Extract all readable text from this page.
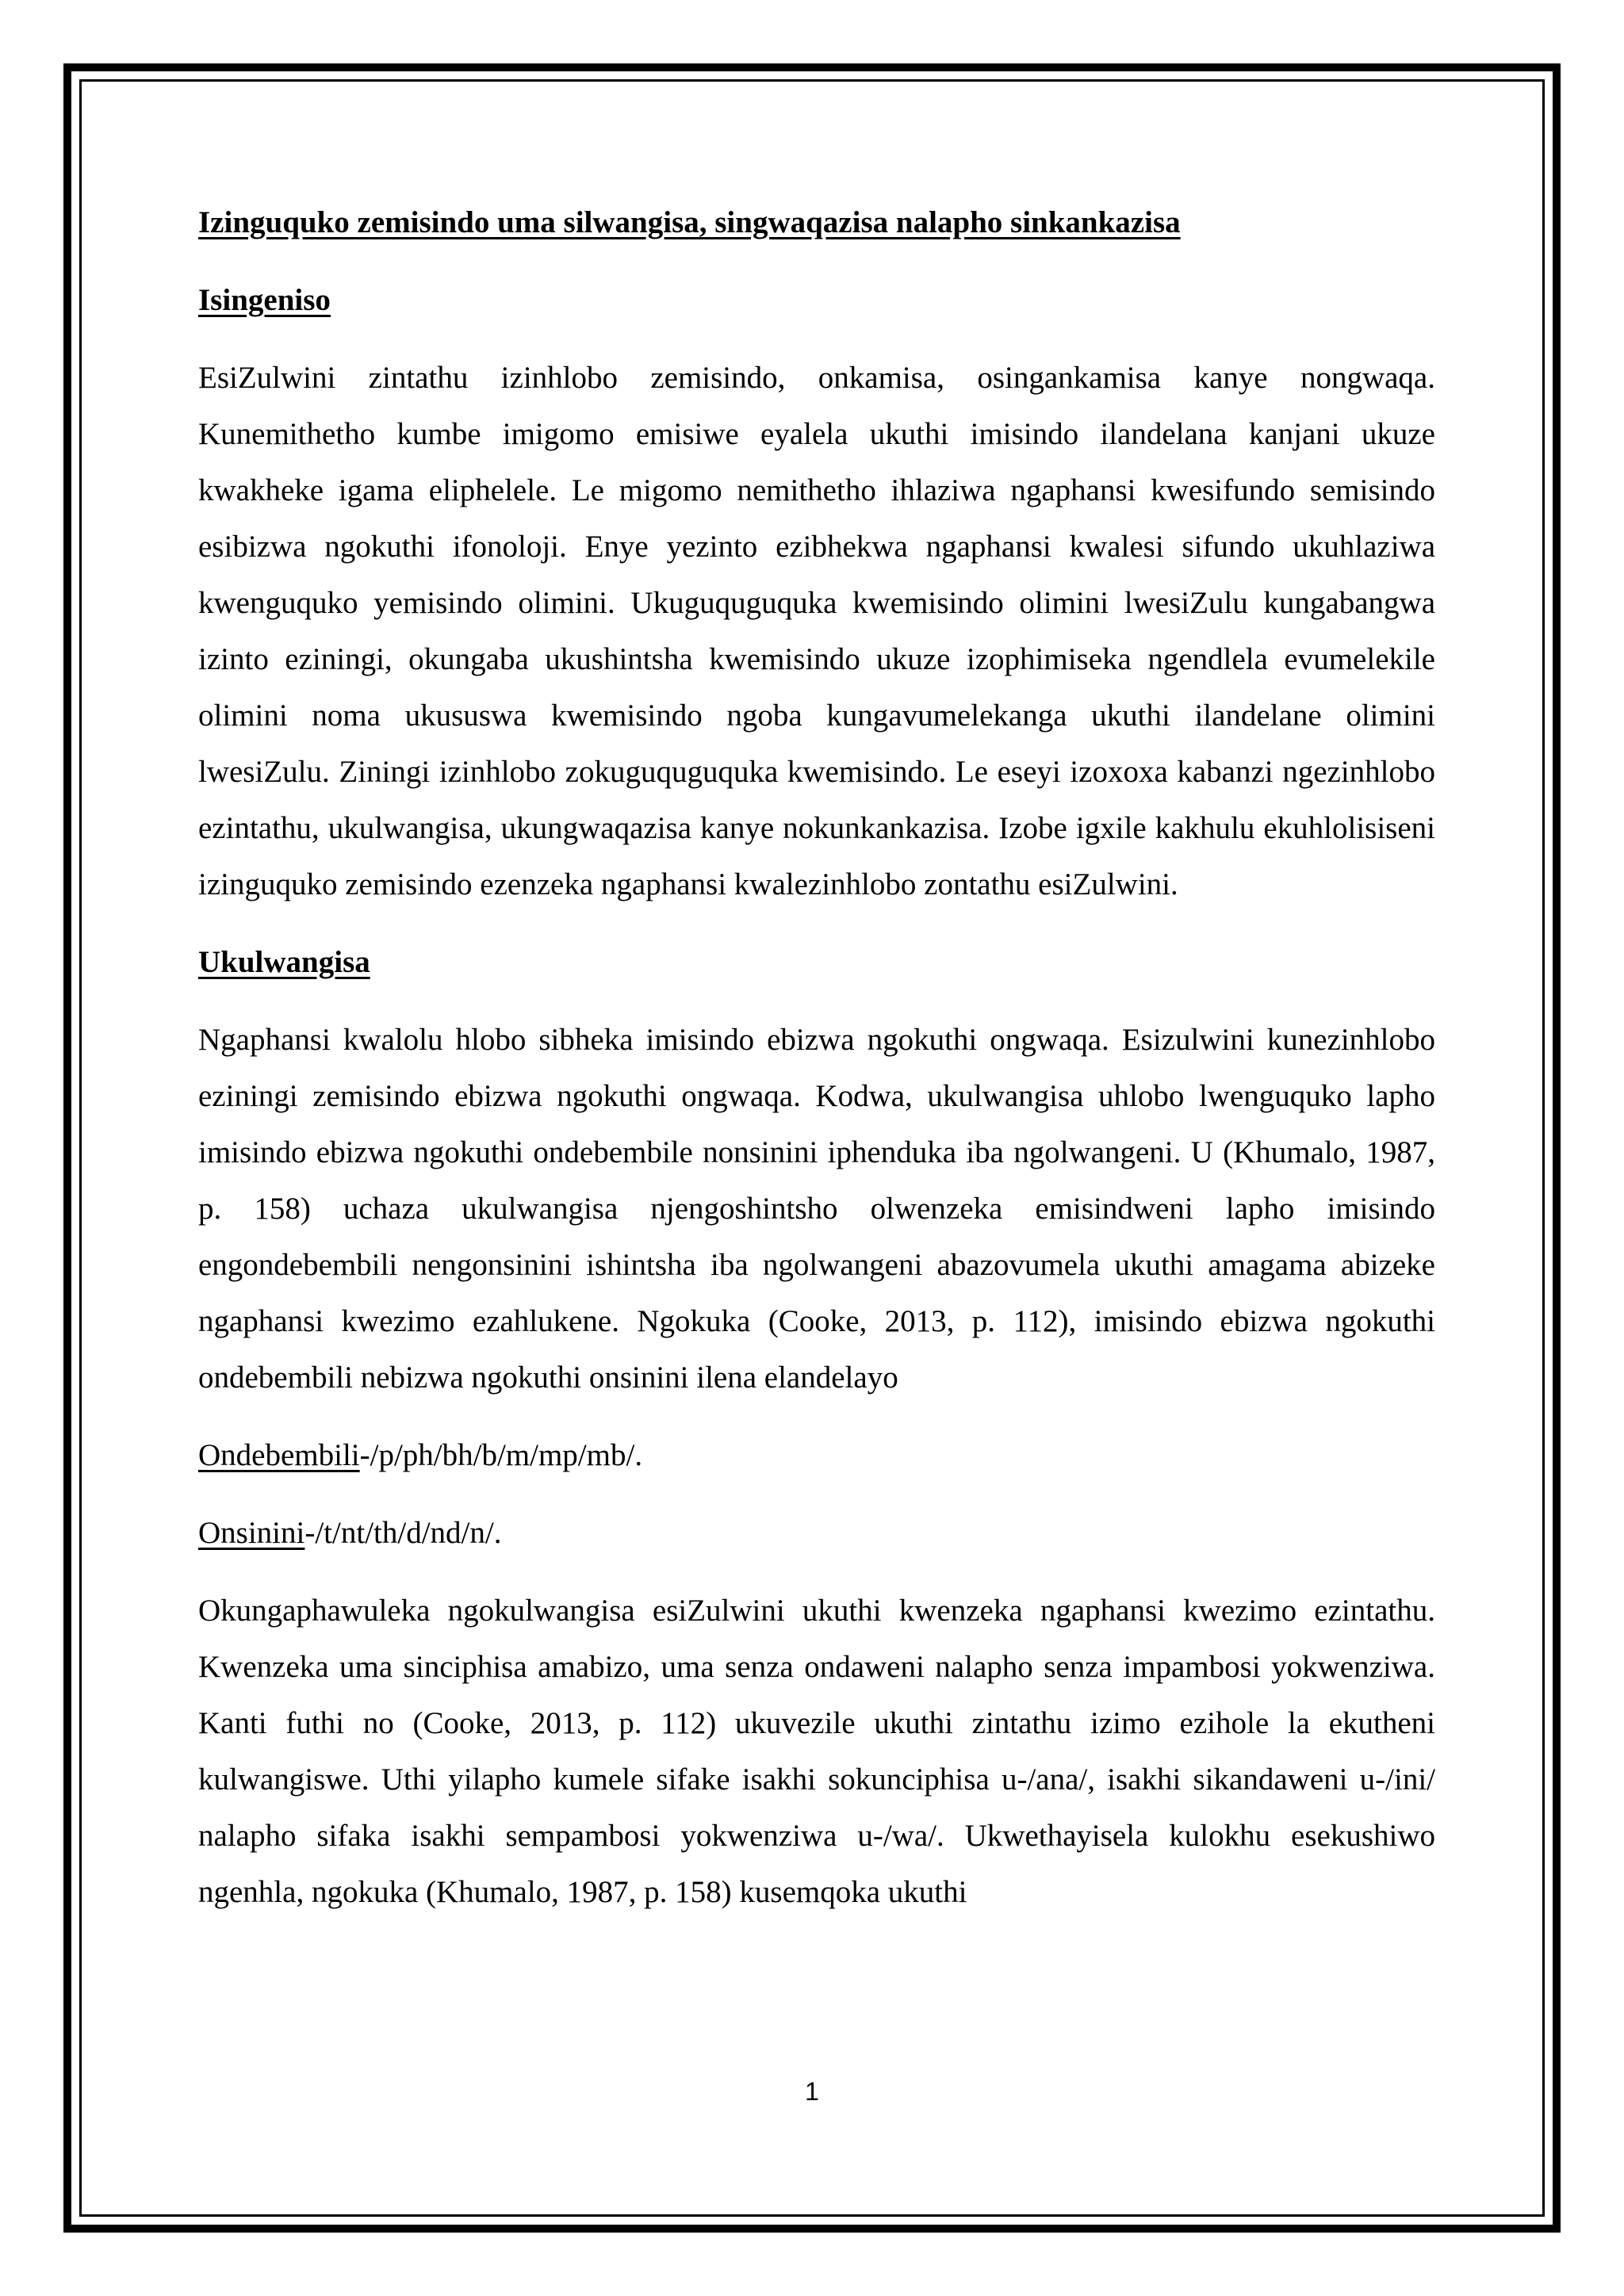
Izinguquko zemisindo uma silwangisa, singwaqazisa nalapho sinkankazisa
Isingeniso

EsiZulwini zintathu izinhlobo zemisindo, onkamisa, osingankamisa kanye nongwaqa. Kunemithetho kumbe imigomo emisiwe eyalela ukuthi imisindo ilandelana kanjani ukuze kwakheke igama eliphelele. Le migomo nemithetho ihlaziwa ngaphansi kwesifundo semisindo esibizwa ngokuthi ifonoloji. Enye yezinto ezibhekwa ngaphansi kwalesi sifundo ukuhlaziwa kwenguquko yemisindo olimini. Ukuguquguquka kwemisindo olimini lwesiZulu kungabangwa izinto eziningi, okungaba ukushintsha kwemisindo ukuze izophimiseka ngendlela evumelekile olimini noma ukususwa kwemisindo ngoba kungavumelekanga ukuthi ilandelane olimini lwesiZulu. Ziningi izinhlobo zokuguquguquka kwemisindo. Le eseyi izoxoxa kabanzi ngezinhlobo ezintathu, ukulwangisa, ukungwaqazisa kanye nokunkankazisa. Izobe igxile kakhulu ekuhlolisiseni izinguquko zemisindo ezenzeka ngaphansi kwalezinhlobo zontathu esiZulwini.

Ukulwangisa

Ngaphansi kwalolu hlobo sibheka imisindo ebizwa ngokuthi ongwaqa. Esizulwini kunezinhlobo eziningi zemisindo ebizwa ngokuthi ongwaqa. Kodwa, ukulwangisa uhlobo lwenguquko lapho imisindo ebizwa ngokuthi ondebembile nonsinini iphenduka iba ngolwangeni. U (Khumalo, 1987, p. 158) uchaza ukulwangisa njengoshintsho olwenzeka emisindweni lapho imisindo engondebembili nengonsinini ishintsha iba ngolwangeni abazovumela ukuthi amagama abizeke ngaphansi kwezimo ezahlukene. Ngokuka (Cooke, 2013, p. 112), imisindo ebizwa ngokuthi ondebembili nebizwa ngokuthi onsinini ilena elandelayo

Ondebembili-/p/ph/bh/b/m/mp/mb/.
Onsinini-/t/nt/th/d/nd/n/.

Okungaphawuleka ngokulwangisa esiZulwini ukuthi kwenzeka ngaphansi kwezimo ezintathu. Kwenzeka uma sinciphisa amabizo, uma senza ondaweni nalapho senza impambosi yokwenziwa. Kanti futhi no (Cooke, 2013, p. 112) ukuvezile ukuthi zintathu izimo ezihole la ekutheni kulwangiswe. Uthi yilapho kumele sifake isakhi sokunciphisa u-/ana/, isakhi sikandaweni u-/ini/ nalapho sifaka isakhi sempambosi yokwenziwa u-/wa/. Ukwethayisela kulokhu esekushiwo ngenhla, ngokuka (Khumalo, 1987, p. 158) kusemqoka ukuthi

1
